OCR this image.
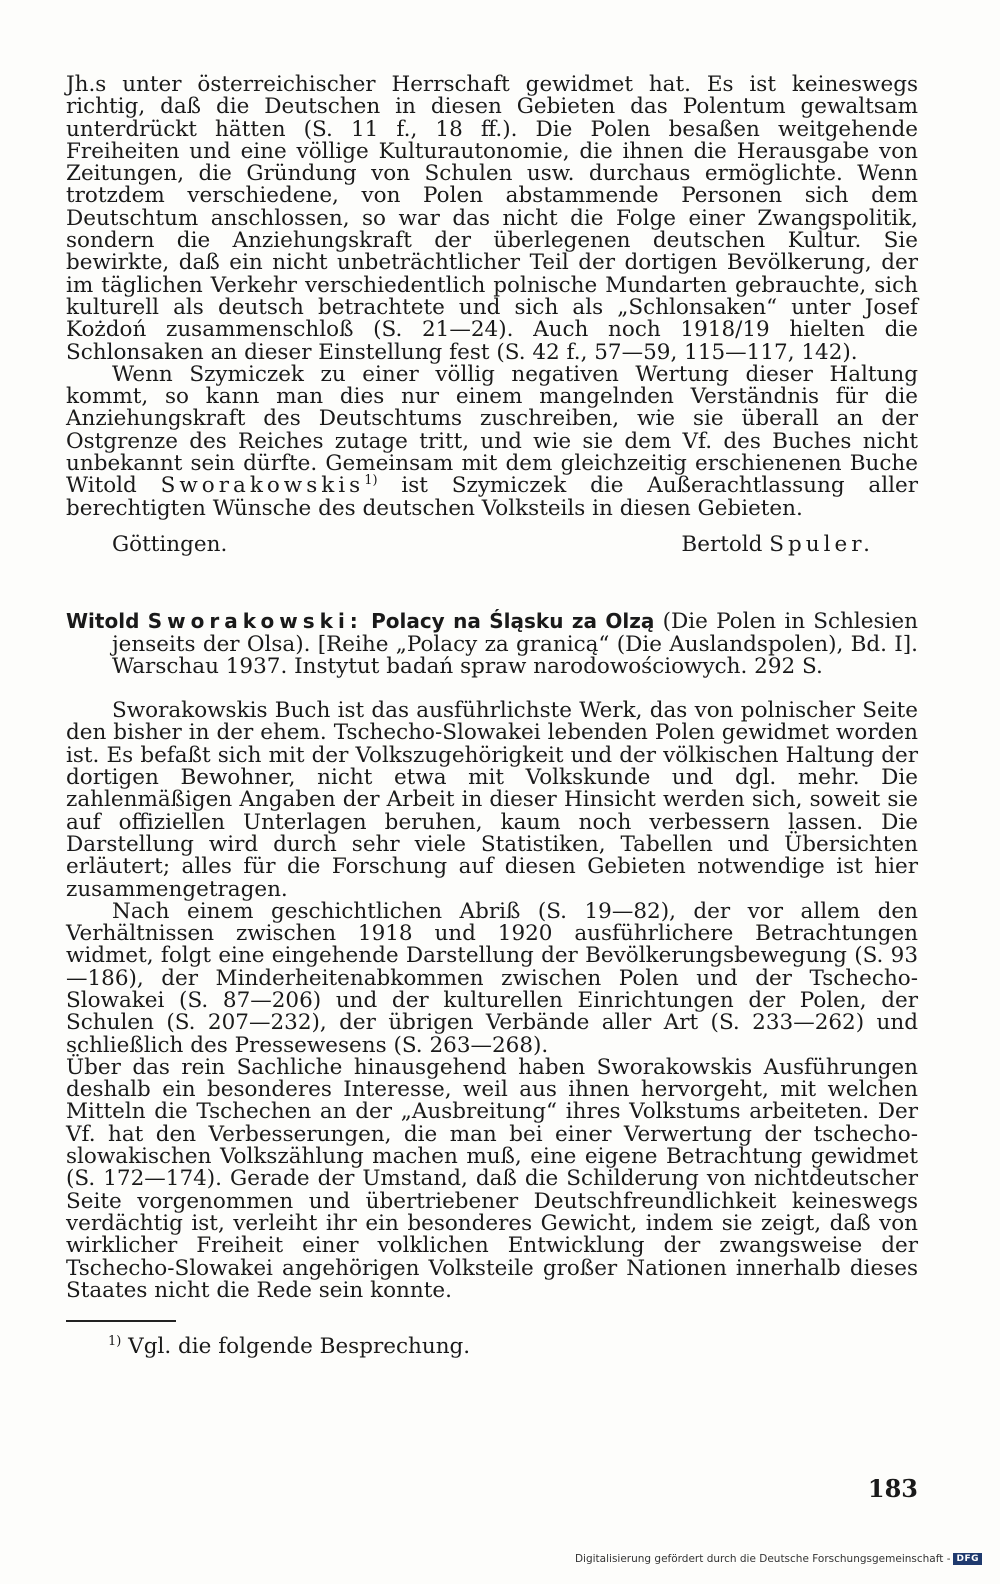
Jh.s unter österreichischer Herrschaft gewidmet hat. Es ist keineswegs richtig, daß die Deutschen in diesen Gebieten das Polentum gewaltsam unterdrückt hätten (S. 11 f., 18 ff.). Die Polen besaßen weitgehende Freiheiten und eine völlige Kulturautonomie, die ihnen die Herausgabe von Zeitungen, die Gründung von Schulen usw. durchaus ermöglichte. Wenn trotzdem verschiedene, von Polen abstammende Personen sich dem Deutschtum anschlossen, so war das nicht die Folge einer Zwangspolitik, sondern die Anziehungskraft der überlegenen deutschen Kultur. Sie bewirkte, daß ein nicht unbeträchtlicher Teil der dortigen Bevölkerung, der im täglichen Verkehr verschiedentlich polnische Mundarten gebrauchte, sich kulturell als deutsch betrachtete und sich als „Schlonsaken“ unter Josef Kożdoń zusammenschloß (S. 21—24). Auch noch 1918/19 hielten die Schlonsaken an dieser Einstellung fest (S. 42 f., 57—59, 115—117, 142).

Wenn Szymiczek zu einer völlig negativen Wertung dieser Haltung kommt, so kann man dies nur einem mangelnden Verständnis für die Anziehungskraft des Deutschtums zuschreiben, wie sie überall an der Ostgrenze des Reiches zutage tritt, und wie sie dem Vf. des Buches nicht unbekannt sein dürfte. Gemeinsam mit dem gleichzeitig erschienenen Buche Witold Sworakowskis$^{1)}$ ist Szymiczek die Außerachtlassung aller berechtigten Wünsche des deutschen Volksteils in diesen Gebieten.

Göttingen.	Bertold Spuler.

Witold Sworakowski: Polacy na Śląsku za Olzą (Die Polen in Schlesien jenseits der Olsa). [Reihe „Polacy za granicą“ (Die Auslandspolen), Bd. I]. Warschau 1937. Instytut badań spraw narodowościowych. 292 S.

Sworakowskis Buch ist das ausführlichste Werk, das von polnischer Seite den bisher in der ehem. Tschecho-Slowakei lebenden Polen gewidmet worden ist. Es befaßt sich mit der Volkszugehörigkeit und der völkischen Haltung der dortigen Bewohner, nicht etwa mit Volkskunde und dgl. mehr. Die zahlenmäßigen Angaben der Arbeit in dieser Hinsicht werden sich, soweit sie auf offiziellen Unterlagen beruhen, kaum noch verbessern lassen. Die Darstellung wird durch sehr viele Statistiken, Tabellen und Übersichten erläutert; alles für die Forschung auf diesen Gebieten notwendige ist hier zusammengetragen.

Nach einem geschichtlichen Abriß (S. 19—82), der vor allem den Verhältnissen zwischen 1918 und 1920 ausführlichere Betrachtungen widmet, folgt eine eingehende Darstellung der Bevölkerungsbewegung (S. 93—186), der Minderheitenabkommen zwischen Polen und der Tschecho-Slowakei (S. 87—206) und der kulturellen Einrichtungen der Polen, der Schulen (S. 207—232), der übrigen Verbände aller Art (S. 233—262) und schließlich des Pressewesens (S. 263—268).

Über das rein Sachliche hinausgehend haben Sworakowskis Ausführungen deshalb ein besonderes Interesse, weil aus ihnen hervorgeht, mit welchen Mitteln die Tschechen an der „Ausbreitung“ ihres Volkstums arbeiteten. Der Vf. hat den Verbesserungen, die man bei einer Verwertung der tschecho-slowakischen Volkszählung machen muß, eine eigene Betrachtung gewidmet (S. 172—174). Gerade der Umstand, daß die Schilderung von nichtdeutscher Seite vorgenommen und übertriebener Deutschfreundlichkeit keineswegs verdächtig ist, verleiht ihr ein besonderes Gewicht, indem sie zeigt, daß von wirklicher Freiheit einer volklichen Entwicklung der zwangsweise der Tschecho-Slowakei angehörigen Volksteile großer Nationen innerhalb dieses Staates nicht die Rede sein konnte.

$^{1)}$ Vgl. die folgende Besprechung.

183
Digitalisierung gefördert durch die Deutsche Forschungsgemeinschaft - DFG
